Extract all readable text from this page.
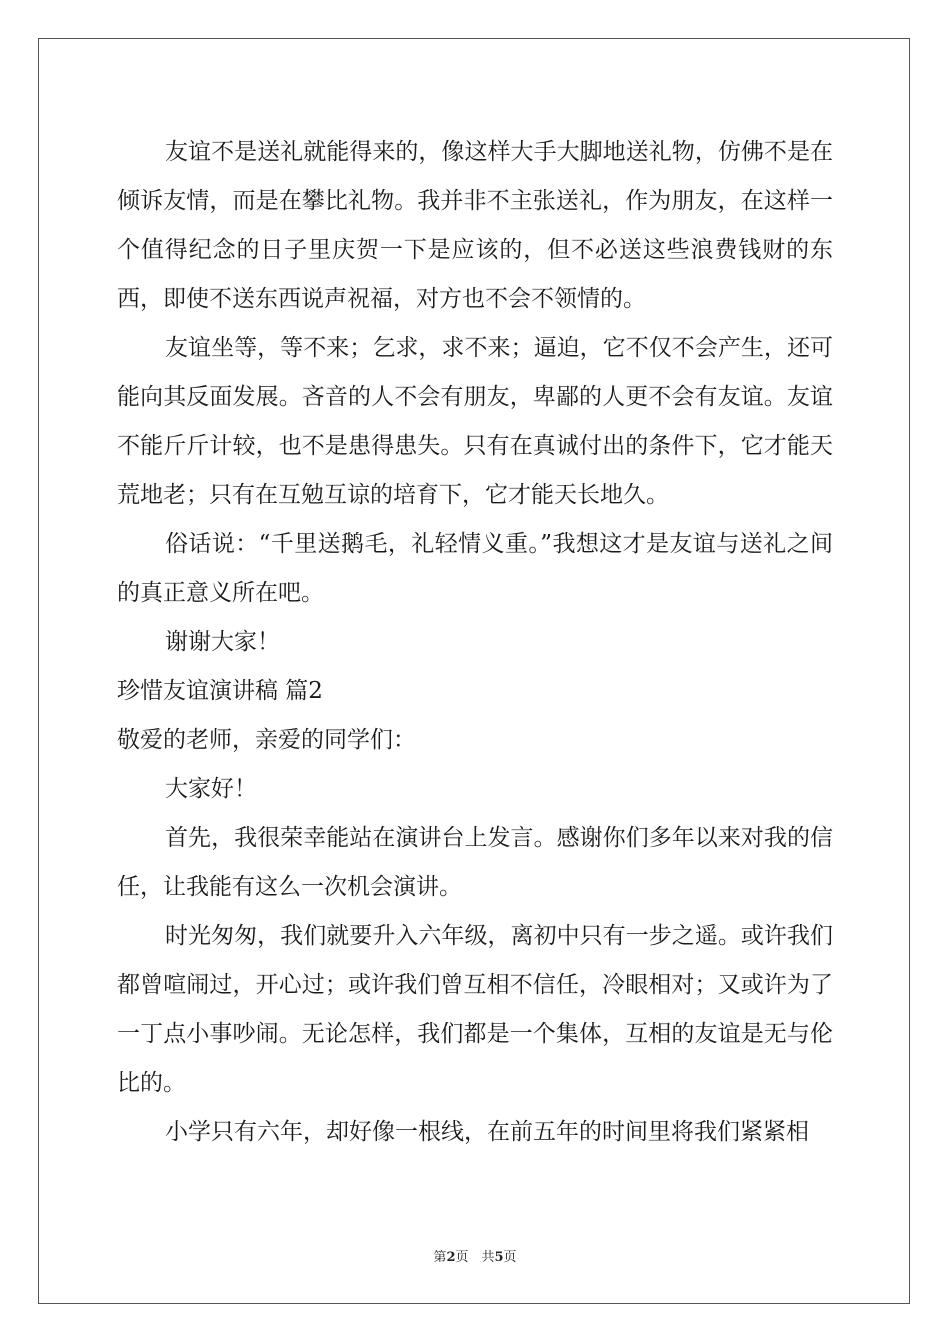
友谊不是送礼就能得来的，像这样大手大脚地送礼物，仿佛不是在倾诉友情，而是在攀比礼物。我并非不主张送礼，作为朋友，在这样一个值得纪念的日子里庆贺一下是应该的，但不必送这些浪费钱财的东西，即使不送东西说声祝福，对方也不会不领情的。

友谊坐等，等不来；乞求，求不来；逼迫，它不仅不会产生，还可能向其反面发展。吝音的人不会有朋友，卑鄙的人更不会有友谊。友谊不能斤斤计较，也不是患得患失。只有在真诚付出的条件下，它才能天荒地老；只有在互勉互谅的培育下，它才能天长地久。

俗话说：“千里送鹅毛，礼轻情义重。”我想这才是友谊与送礼之间的真正意义所在吧。

谢谢大家！

珍惜友谊演讲稿 篇2

敬爱的老师，亲爱的同学们：

大家好！

首先，我很荣幸能站在演讲台上发言。感谢你们多年以来对我的信任，让我能有这么一次机会演讲。

时光匆匆，我们就要升入六年级，离初中只有一步之遥。或许我们都曾喧闹过，开心过；或许我们曾互相不信任，冷眼相对；又或许为了一丁点小事吵闹。无论怎样，我们都是一个集体，互相的友谊是无与伦比的。

小学只有六年，却好像一根线，在前五年的时间里将我们紧紧相

第2页　共5页
